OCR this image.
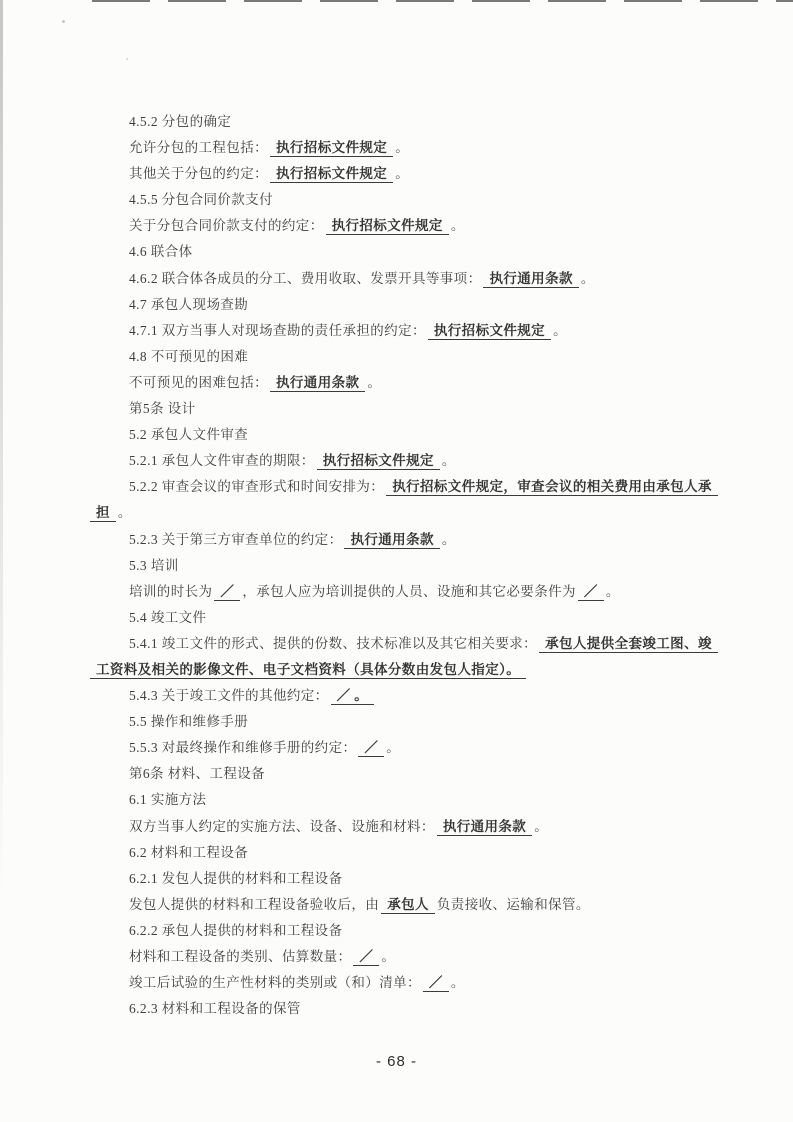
4.5.2 分包的确定
允许分包的工程包括： 执行招标文件规定 。
其他关于分包的约定： 执行招标文件规定 。
4.5.5 分包合同价款支付
关于分包合同价款支付的约定： 执行招标文件规定 。
4.6 联合体
4.6.2 联合体各成员的分工、费用收取、发票开具等事项： 执行通用条款 。
4.7 承包人现场查勘
4.7.1 双方当事人对现场查勘的责任承担的约定： 执行招标文件规定 。
4.8 不可预见的困难
不可预见的困难包括： 执行通用条款 。
第5条 设计
5.2 承包人文件审查
5.2.1 承包人文件审查的期限： 执行招标文件规定 。
5.2.2 审查会议的审查形式和时间安排为： 执行招标文件规定，审查会议的相关费用由承包人承
担 。
5.2.3 关于第三方审查单位的约定： 执行通用条款 。
5.3 培训
培训的时长为 ／ ，承包人应为培训提供的人员、设施和其它必要条件为 ／ 。
5.4 竣工文件
5.4.1 竣工文件的形式、提供的份数、技术标准以及其它相关要求： 承包人提供全套竣工图、竣
工资料及相关的影像文件、电子文档资料（具体分数由发包人指定）。
5.4.3 关于竣工文件的其他约定： ／ 。
5.5 操作和维修手册
5.5.3 对最终操作和维修手册的约定： ／ 。
第6条 材料、工程设备
6.1 实施方法
双方当事人约定的实施方法、设备、设施和材料： 执行通用条款 。
6.2 材料和工程设备
6.2.1 发包人提供的材料和工程设备
发包人提供的材料和工程设备验收后，由 承包人 负责接收、运输和保管。
6.2.2 承包人提供的材料和工程设备
材料和工程设备的类别、估算数量： ／ 。
竣工后试验的生产性材料的类别或（和）清单： ／ 。
6.2.3 材料和工程设备的保管
- 68 -
